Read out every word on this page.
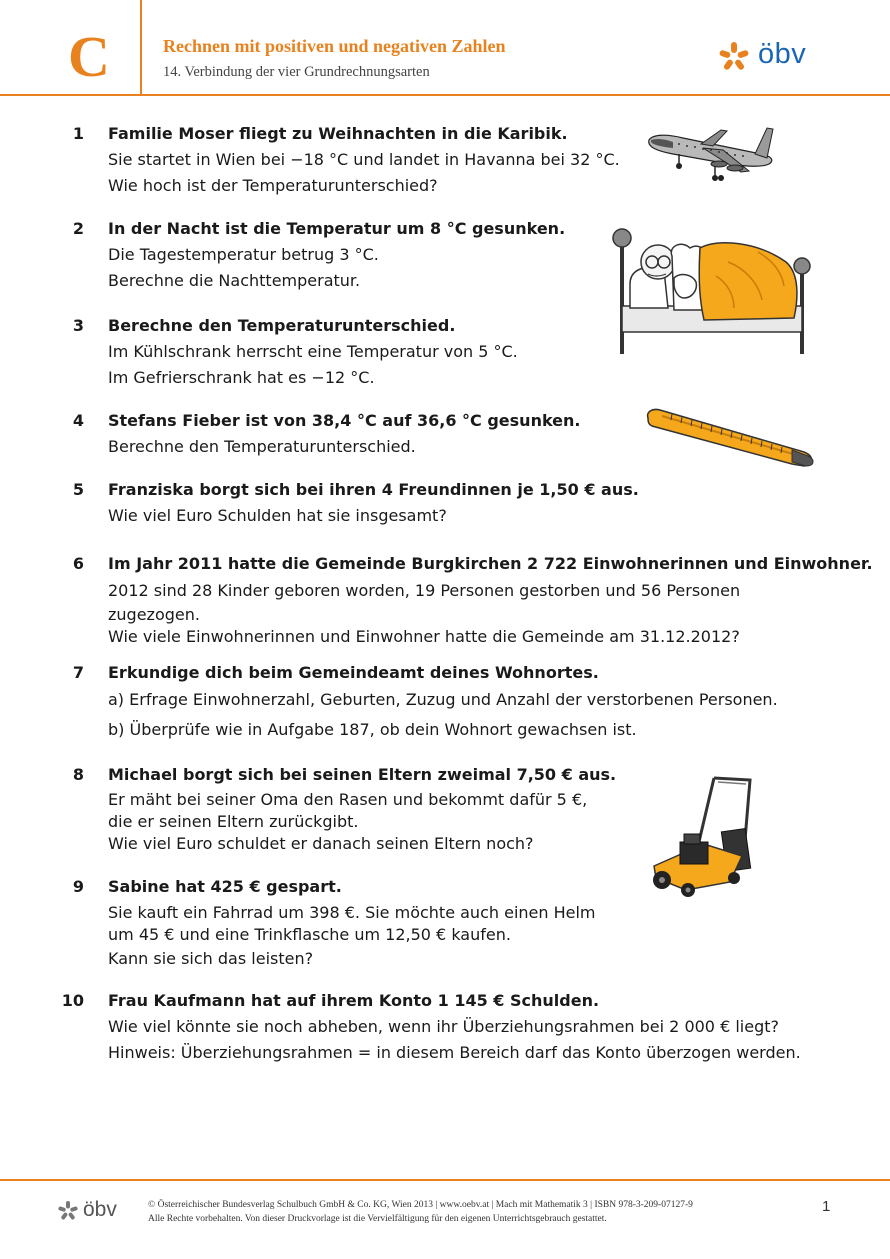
C	Rechnen mit positiven und negativen Zahlen
14. Verbindung der vier Grundrechnungsarten
öbv
1 Familie Moser fliegt zu Weihnachten in die Karibik.
Sie startet in Wien bei −18 °C und landet in Havanna bei 32 °C.
Wie hoch ist der Temperaturunterschied?
2 In der Nacht ist die Temperatur um 8 °C gesunken.
Die Tagestemperatur betrug 3 °C.
Berechne die Nachttemperatur.
3 Berechne den Temperaturunterschied.
Im Kühlschrank herrscht eine Temperatur von 5 °C.
Im Gefrierschrank hat es −12 °C.
4 Stefans Fieber ist von 38,4 °C auf 36,6 °C gesunken.
Berechne den Temperaturunterschied.
5 Franziska borgt sich bei ihren 4 Freundinnen je 1,50 € aus.
Wie viel Euro Schulden hat sie insgesamt?
6 Im Jahr 2011 hatte die Gemeinde Burgkirchen 2 722 Einwohnerinnen und Einwohner.
2012 sind 28 Kinder geboren worden, 19 Personen gestorben und 56 Personen
zugezogen.
Wie viele Einwohnerinnen und Einwohner hatte die Gemeinde am 31.12.2012?
7 Erkundige dich beim Gemeindeamt deines Wohnortes.
a) Erfrage Einwohnerzahl, Geburten, Zuzug und Anzahl der verstorbenen Personen.
b) Überprüfe wie in Aufgabe 187, ob dein Wohnort gewachsen ist.
8 Michael borgt sich bei seinen Eltern zweimal 7,50 € aus.
Er mäht bei seiner Oma den Rasen und bekommt dafür 5 €,
die er seinen Eltern zurückgibt.
Wie viel Euro schuldet er danach seinen Eltern noch?
9 Sabine hat 425 € gespart.
Sie kauft ein Fahrrad um 398 €. Sie möchte auch einen Helm
um 45 € und eine Trinkflasche um 12,50 € kaufen.
Kann sie sich das leisten?
10 Frau Kaufmann hat auf ihrem Konto 1 145 € Schulden.
Wie viel könnte sie noch abheben, wenn ihr Überziehungsrahmen bei 2 000 € liegt?
Hinweis: Überziehungsrahmen = in diesem Bereich darf das Konto überzogen werden.
öbv	© Österreichischer Bundesverlag Schulbuch GmbH & Co. KG, Wien 2013 | www.oebv.at | Mach mit Mathematik 3 | ISBN 978-3-209-07127-9
Alle Rechte vorbehalten. Von dieser Druckvorlage ist die Vervielfältigung für den eigenen Unterrichtsgebrauch gestattet.
1
